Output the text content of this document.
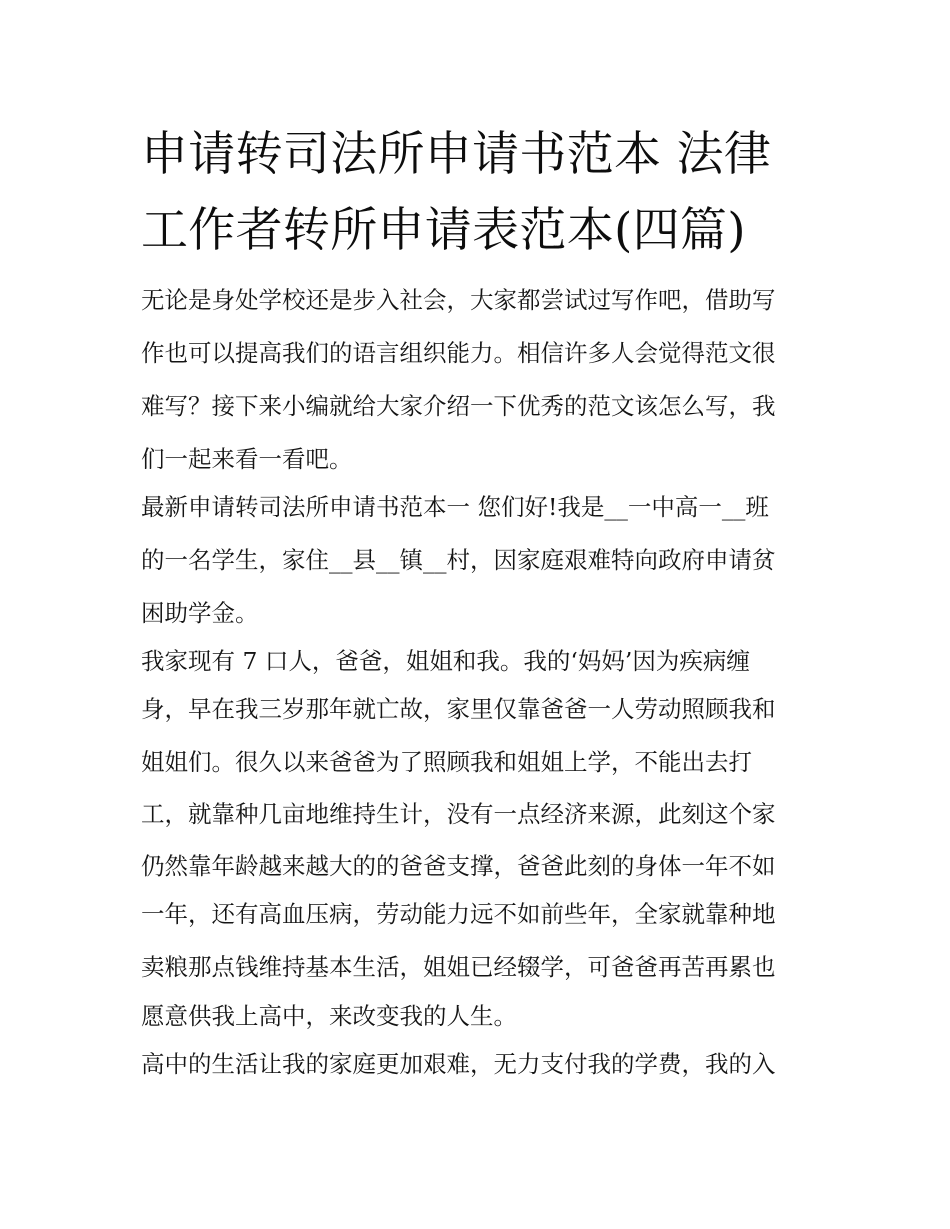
申请转司法所申请书范本 法律
工作者转所申请表范本(四篇)
无论是身处学校还是步入社会，大家都尝试过写作吧，借助写
作也可以提高我们的语言组织能力。相信许多人会觉得范文很
难写？接下来小编就给大家介绍一下优秀的范文该怎么写，我
们一起来看一看吧。
最新申请转司法所申请书范本一 您们好!我是__一中高一__班
的一名学生，家住__县__镇__村，因家庭艰难特向政府申请贫
困助学金。
我家现有 7 口人，爸爸，姐姐和我。我的‘妈妈’因为疾病缠
身，早在我三岁那年就亡故，家里仅靠爸爸一人劳动照顾我和
姐姐们。很久以来爸爸为了照顾我和姐姐上学，不能出去打
工，就靠种几亩地维持生计，没有一点经济来源，此刻这个家
仍然靠年龄越来越大的的爸爸支撑，爸爸此刻的身体一年不如
一年，还有高血压病，劳动能力远不如前些年，全家就靠种地
卖粮那点钱维持基本生活，姐姐已经辍学，可爸爸再苦再累也
愿意供我上高中，来改变我的人生。
高中的生活让我的家庭更加艰难，无力支付我的学费，我的入
